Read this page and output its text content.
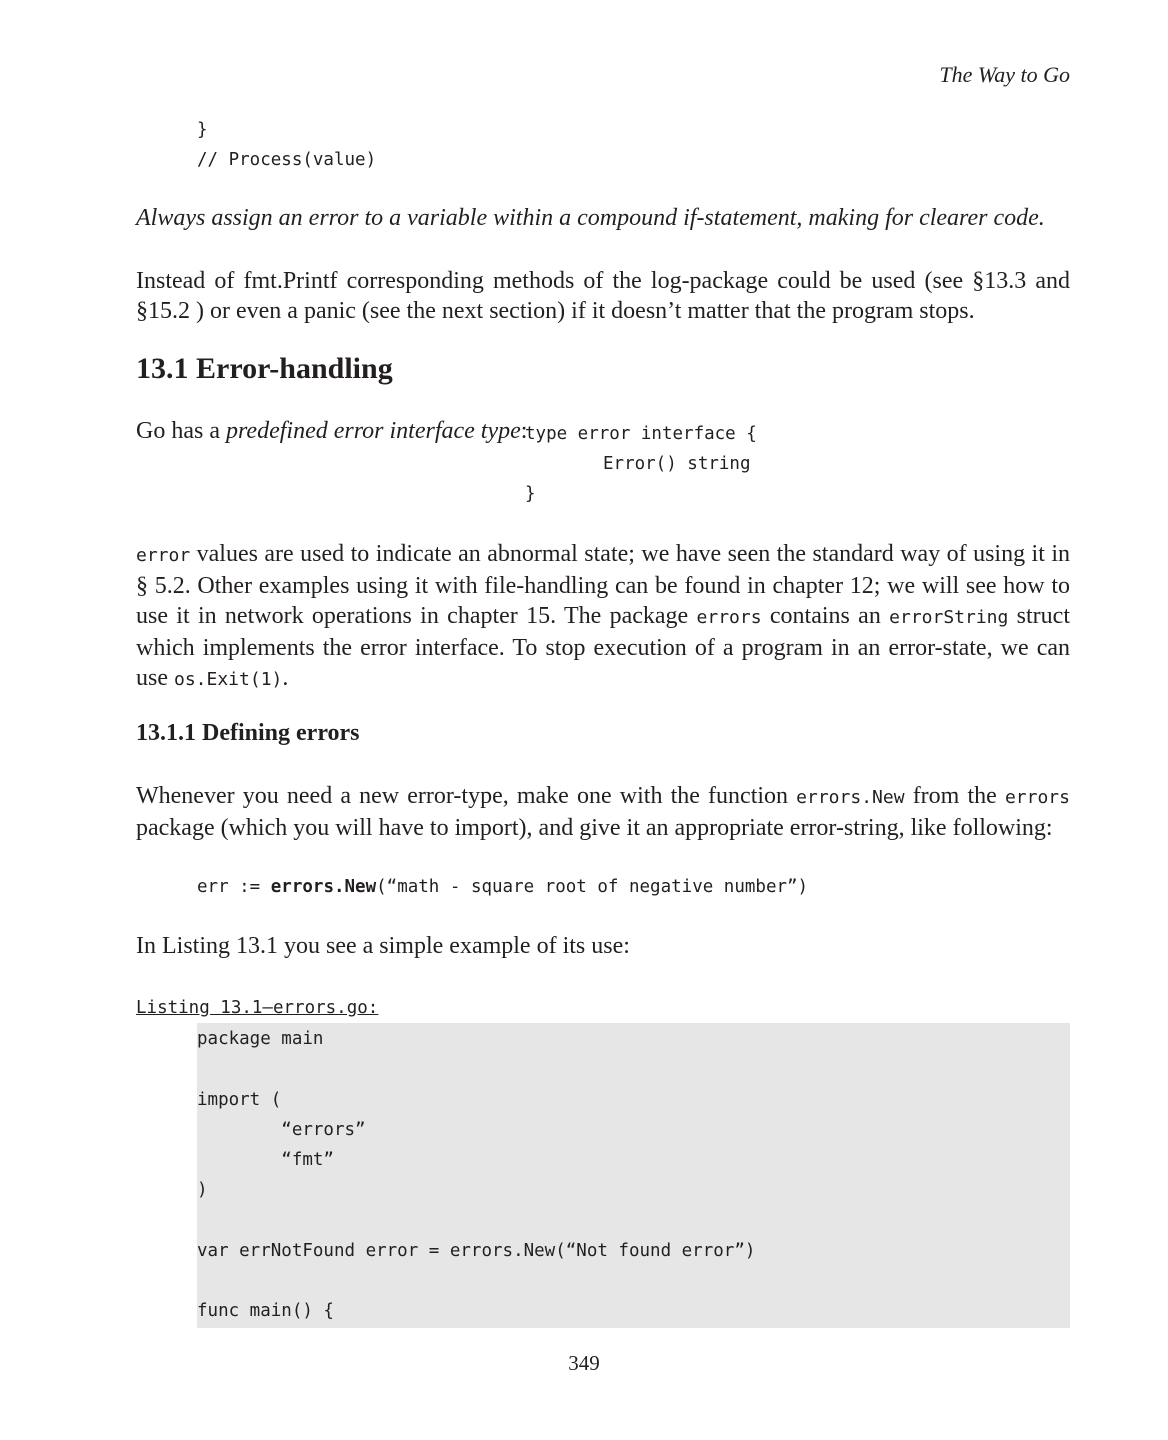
The Way to Go
}
// Process(value)
Always assign an error to a variable within a compound if-statement, making for clearer code.

Instead of fmt.Printf corresponding methods of the log-package could be used (see §13.3 and §15.2 ) or even a panic (see the next section) if it doesn’t matter that the program stops.

13.1 Error-handling
Go has a predefined error interface type:
type error interface {
Error() string
}

error values are used to indicate an abnormal state; we have seen the standard way of using it in § 5.2. Other examples using it with file-handling can be found in chapter 12; we will see how to use it in network operations in chapter 15. The package errors contains an errorString struct which implements the error interface. To stop execution of a program in an error-state, we can use os.Exit(1).

13.1.1 Defining errors

Whenever you need a new error-type, make one with the function errors.New from the errors package (which you will have to import), and give it an appropriate error-string, like following:

err := errors.New(“math - square root of negative number”)

In Listing 13.1 you see a simple example of its use:

Listing 13.1—errors.go:
package main
import (
“errors”
“fmt”
)
var errNotFound error = errors.New(“Not found error”)
func main() {
349
